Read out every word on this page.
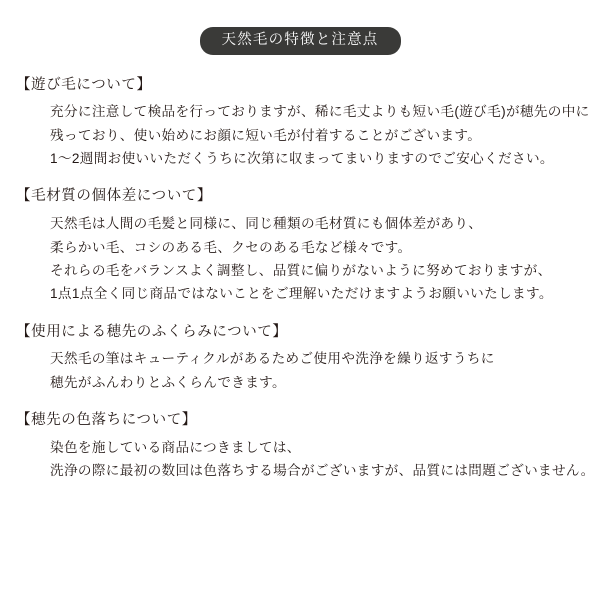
天然毛の特徴と注意点
【遊び毛について】
充分に注意して検品を行っておりますが、稀に毛丈よりも短い毛(遊び毛)が穂先の中に
残っており、使い始めにお顔に短い毛が付着することがございます。
1〜2週間お使いいただくうちに次第に収まってまいりますのでご安心ください。
【毛材質の個体差について】
天然毛は人間の毛髪と同様に、同じ種類の毛材質にも個体差があり、
柔らかい毛、コシのある毛、クセのある毛など様々です。
それらの毛をバランスよく調整し、品質に偏りがないように努めておりますが、
1点1点全く同じ商品ではないことをご理解いただけますようお願いいたします。
【使用による穂先のふくらみについて】
天然毛の筆はキューティクルがあるためご使用や洗浄を繰り返すうちに
穂先がふんわりとふくらんできます。
【穂先の色落ちについて】
染色を施している商品につきましては、
洗浄の際に最初の数回は色落ちする場合がございますが、品質には問題ございません。
